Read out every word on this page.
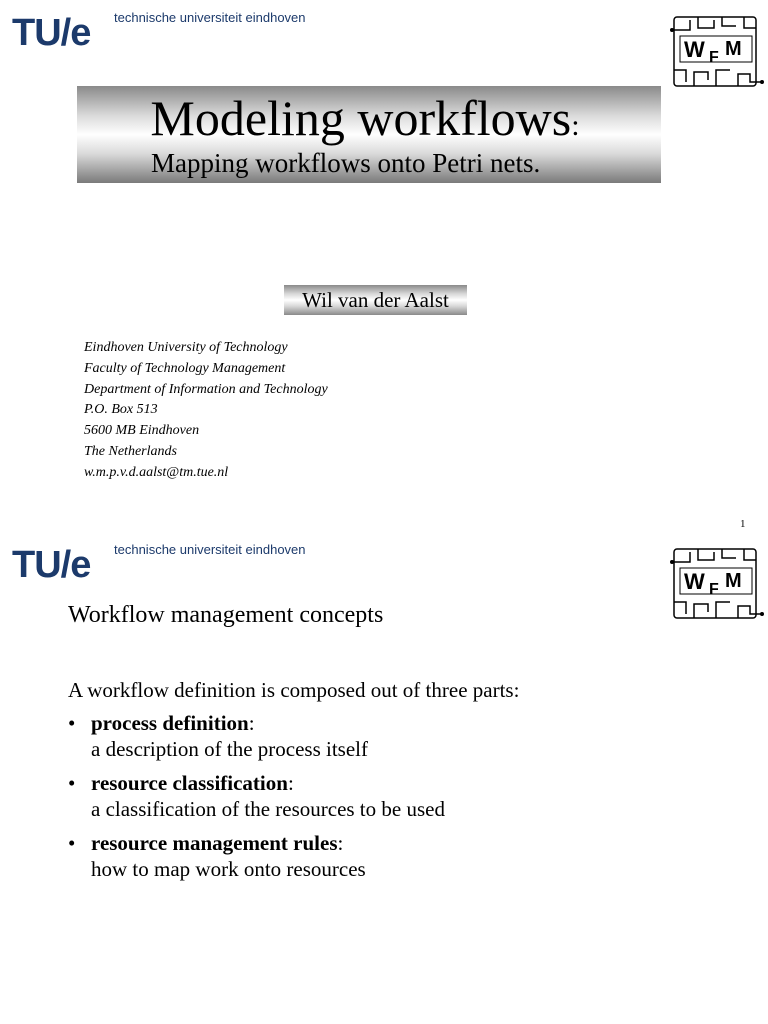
TU/e technische universiteit eindhoven
W F M
Modeling workflows:
Mapping workflows onto Petri nets.
Wil van der Aalst
Eindhoven University of Technology
Faculty of Technology Management
Department of Information and Technology
P.O. Box 513
5600 MB Eindhoven
The Netherlands
w.m.p.v.d.aalst@tm.tue.nl
1
TU/e technische universiteit eindhoven
W F M
Workflow management concepts
A workflow definition is composed out of three parts:
• process definition:
a description of the process itself
• resource classification:
a classification of the resources to be used
• resource management rules:
how to map work onto resources
